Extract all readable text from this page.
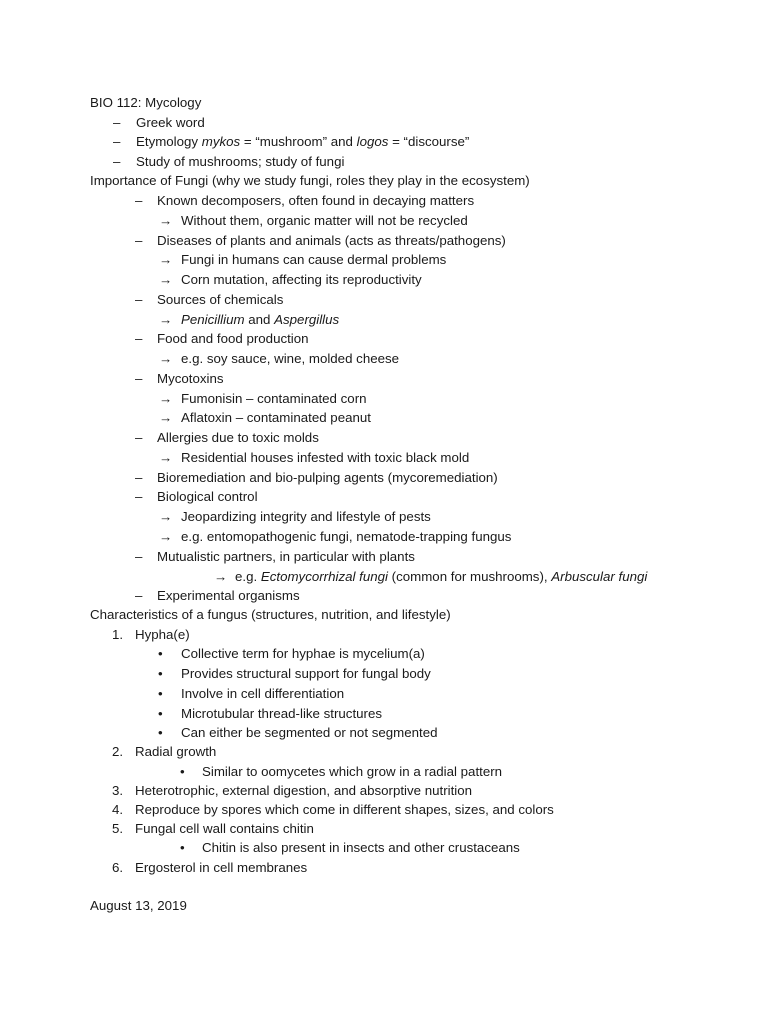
BIO 112: Mycology
– Greek word
– Etymology mykos = “mushroom” and logos = “discourse”
– Study of mushrooms; study of fungi
Importance of Fungi (why we study fungi, roles they play in the ecosystem)
– Known decomposers, often found in decaying matters
→ Without them, organic matter will not be recycled
– Diseases of plants and animals (acts as threats/pathogens)
→ Fungi in humans can cause dermal problems
→ Corn mutation, affecting its reproductivity
– Sources of chemicals
→ Penicillium and Aspergillus
– Food and food production
→ e.g. soy sauce, wine, molded cheese
– Mycotoxins
→ Fumonisin – contaminated corn
→ Aflatoxin – contaminated peanut
– Allergies due to toxic molds
→ Residential houses infested with toxic black mold
– Bioremediation and bio-pulping agents (mycoremediation)
– Biological control
→ Jeopardizing integrity and lifestyle of pests
→ e.g. entomopathogenic fungi, nematode-trapping fungus
– Mutualistic partners, in particular with plants
→ e.g. Ectomycorrhizal fungi (common for mushrooms), Arbuscular fungi
– Experimental organisms
Characteristics of a fungus (structures, nutrition, and lifestyle)
1. Hypha(e)
• Collective term for hyphae is mycelium(a)
• Provides structural support for fungal body
• Involve in cell differentiation
• Microtubular thread-like structures
• Can either be segmented or not segmented
2. Radial growth
• Similar to oomycetes which grow in a radial pattern
3. Heterotrophic, external digestion, and absorptive nutrition
4. Reproduce by spores which come in different shapes, sizes, and colors
5. Fungal cell wall contains chitin
• Chitin is also present in insects and other crustaceans
6. Ergosterol in cell membranes
August 13, 2019
